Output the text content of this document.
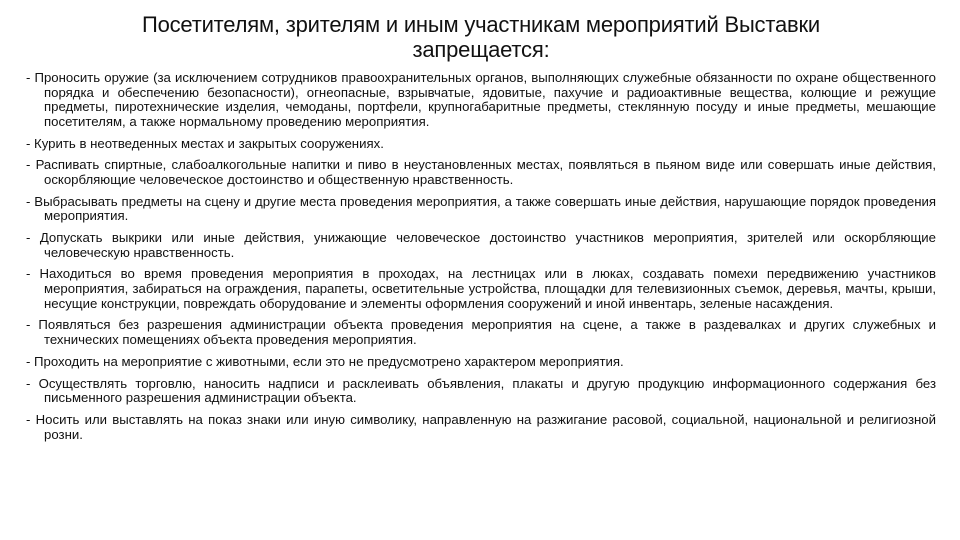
Посетителям, зрителям и иным участникам мероприятий Выставки запрещается:
- Проносить оружие (за исключением сотрудников правоохранительных органов, выполняющих служебные обязанности по охране общественного порядка и обеспечению безопасности), огнеопасные, взрывчатые, ядовитые, пахучие и радиоактивные вещества, колющие и режущие предметы, пиротехнические изделия, чемоданы, портфели, крупногабаритные предметы, стеклянную посуду и иные предметы, мешающие посетителям, а также нормальному проведению мероприятия.
- Курить в неотведенных местах и закрытых сооружениях.
- Распивать спиртные, слабоалкогольные напитки и пиво в неустановленных местах, появляться в пьяном виде или совершать иные действия, оскорбляющие человеческое достоинство и общественную нравственность.
- Выбрасывать предметы на сцену и другие места проведения мероприятия, а также совершать иные действия, нарушающие порядок проведения мероприятия.
- Допускать выкрики или иные действия, унижающие человеческое достоинство участников мероприятия, зрителей или оскорбляющие человеческую нравственность.
- Находиться во время проведения мероприятия в проходах, на лестницах или в люках, создавать помехи передвижению участников мероприятия, забираться на ограждения, парапеты, осветительные устройства, площадки для телевизионных съемок, деревья, мачты, крыши, несущие конструкции, повреждать оборудование и элементы оформления сооружений и иной инвентарь, зеленые насаждения.
- Появляться без разрешения администрации объекта проведения мероприятия на сцене, а также в раздевалках и других служебных и технических помещениях объекта проведения мероприятия.
- Проходить на мероприятие с животными, если это не предусмотрено характером мероприятия.
- Осуществлять торговлю, наносить надписи и расклеивать объявления, плакаты и другую продукцию информационного содержания без письменного разрешения администрации объекта.
- Носить или выставлять на показ знаки или иную символику, направленную на разжигание расовой, социальной, национальной и религиозной розни.
